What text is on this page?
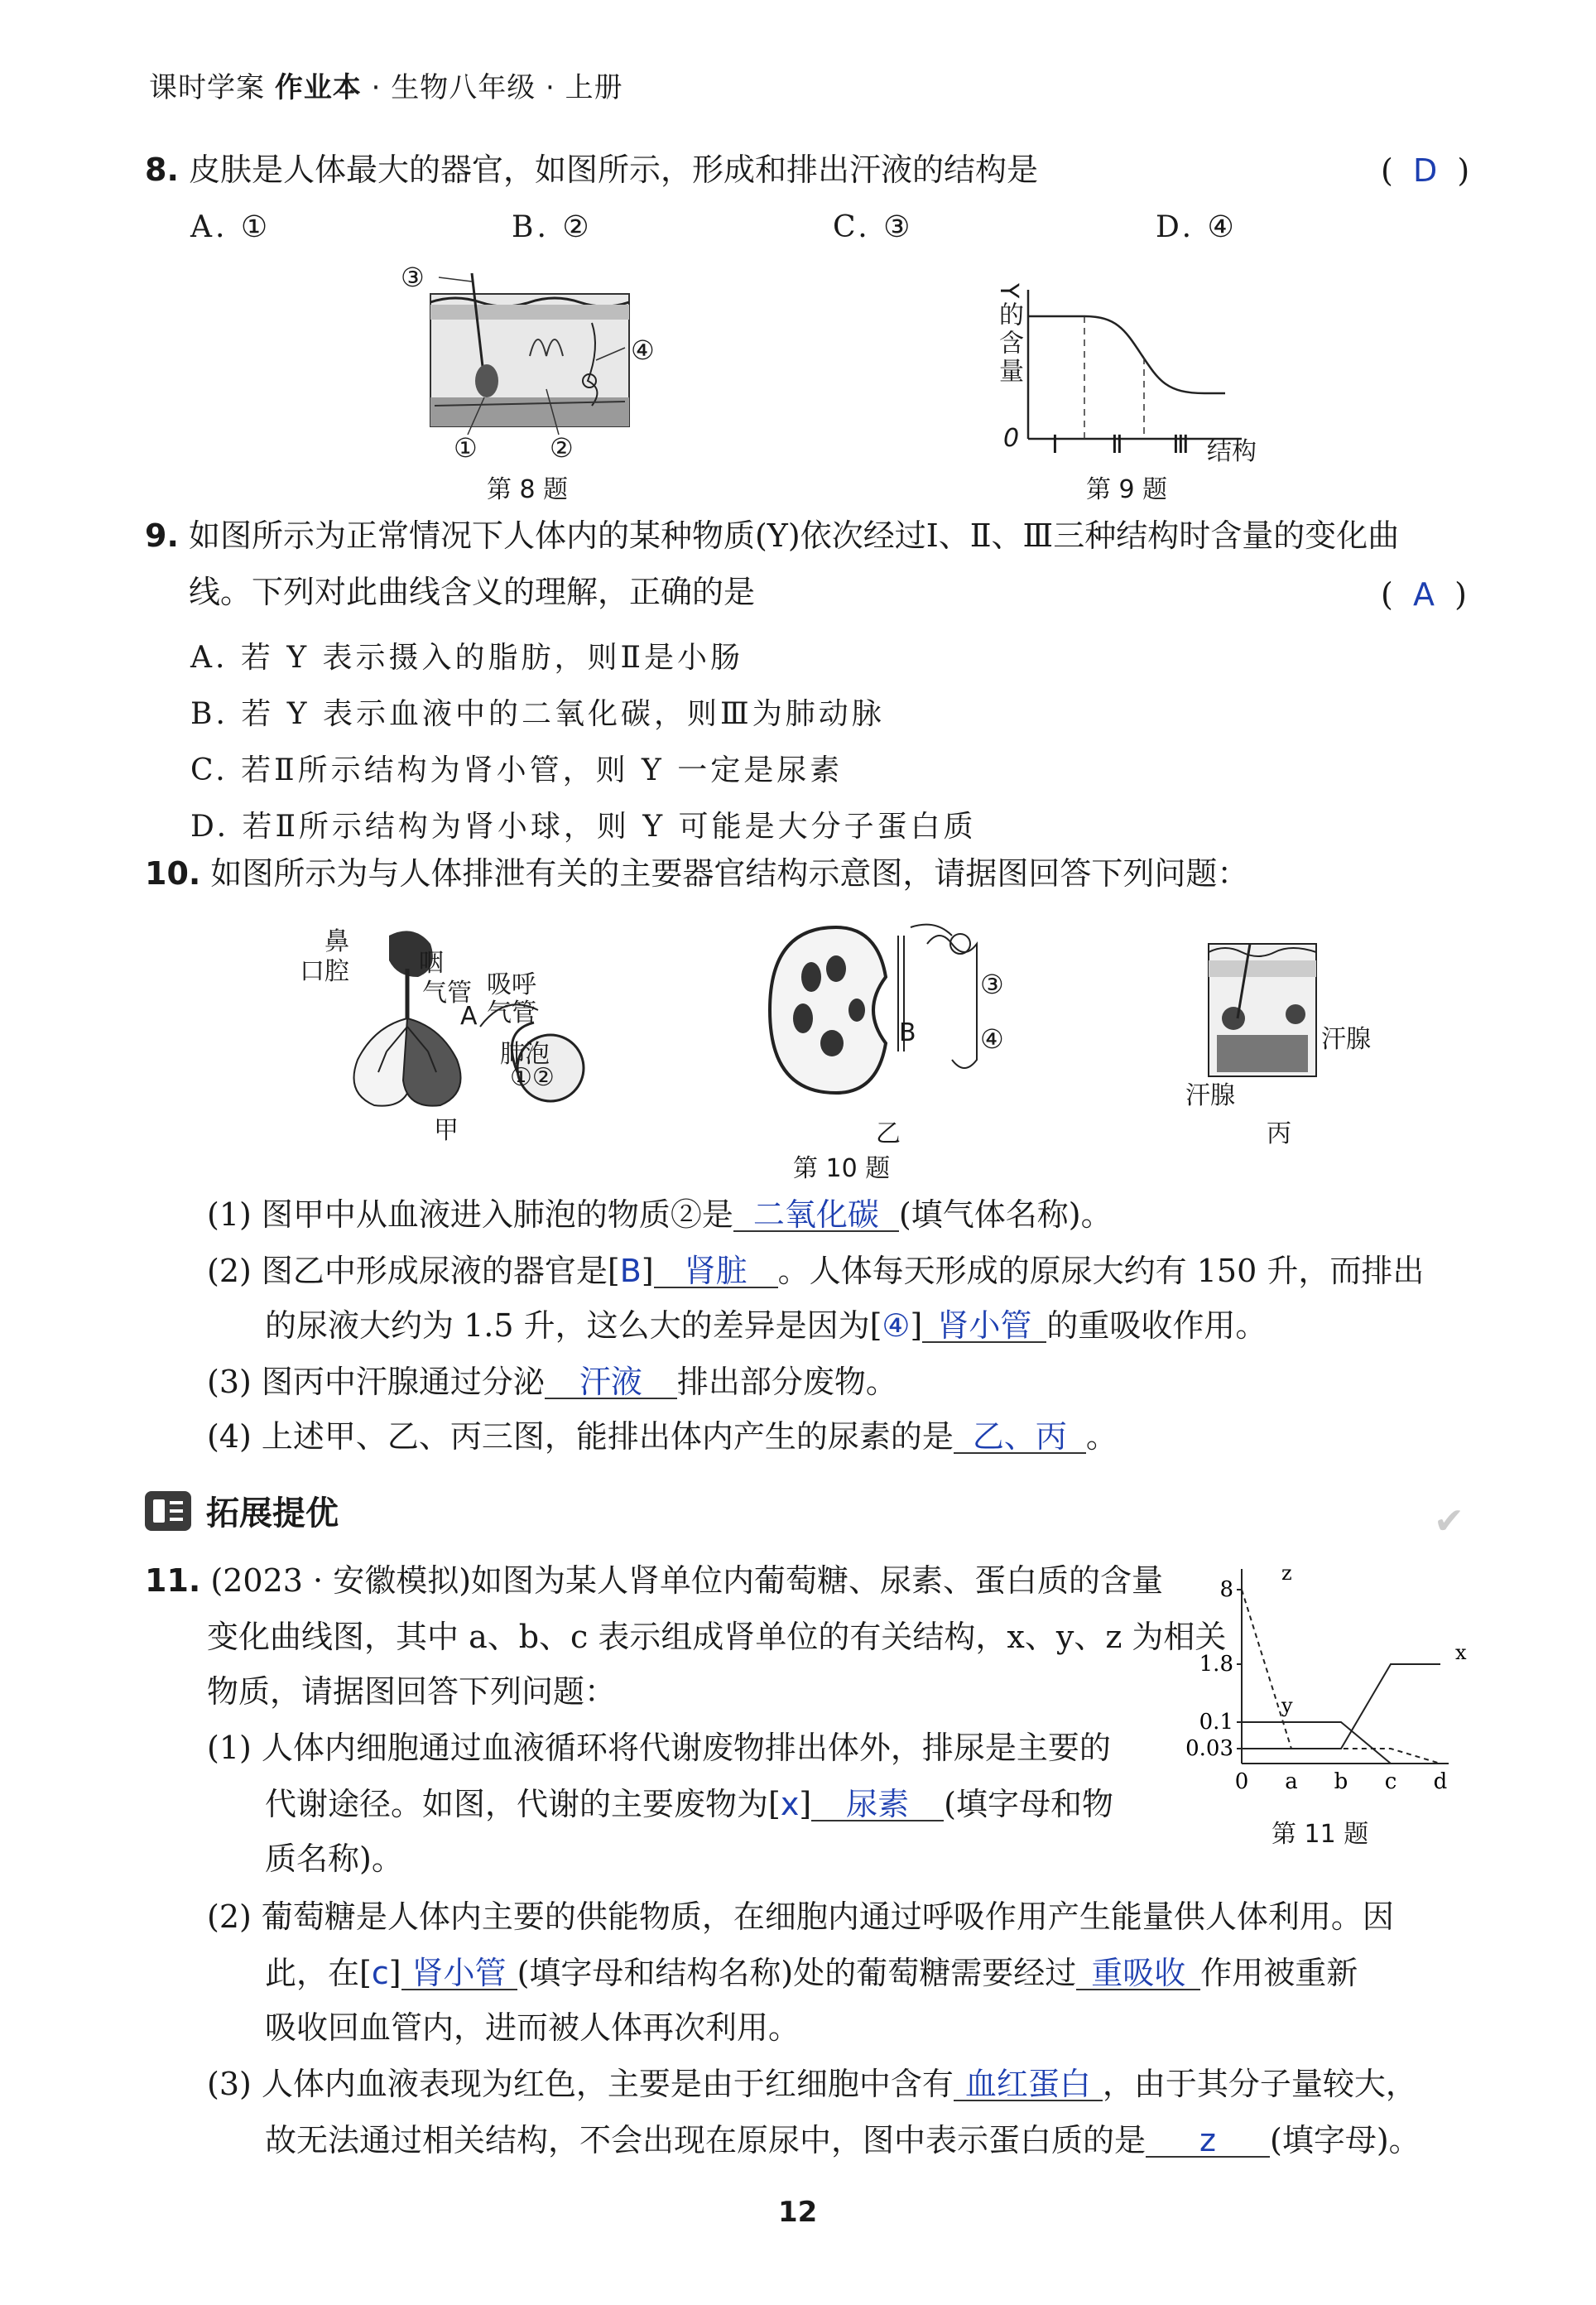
课时学案 作业本 · 生物八年级 · 上册
8. 皮肤是人体最大的器官，如图所示，形成和排出汗液的结构是	(  D  )
A. ①	B. ②	C. ③	D. ④
③
④
①	②
第 8 题
Y的含量
0 Ⅰ Ⅱ Ⅲ 结构
第 9 题
9. 如图所示为正常情况下人体内的某种物质(Y)依次经过Ⅰ、Ⅱ、Ⅲ三种结构时含量的变化曲
线。下列对此曲线含义的理解，正确的是	(  A  )
A. 若 Y 表示摄入的脂肪，则Ⅱ是小肠
B. 若 Y 表示血液中的二氧化碳，则Ⅲ为肺动脉
C. 若Ⅱ所示结构为肾小管，则 Y 一定是尿素
D. 若Ⅱ所示结构为肾小球，则 Y 可能是大分子蛋白质
10. 如图所示为与人体排泄有关的主要器官结构示意图，请据图回答下列问题：
鼻
口腔	咽
气管 吸呼
A 气管
肺泡
①②
甲
③
B ④
乙
汗腺
汗腺
丙
第 10 题
(1) 图甲中从血液进入肺泡的物质②是 二氧化碳 (填气体名称)。
(2) 图乙中形成尿液的器官是[B] 肾脏 。人体每天形成的原尿大约有 150 升，而排出
的尿液大约为 1.5 升，这么大的差异是因为[④] 肾小管 的重吸收作用。
(3) 图丙中汗腺通过分泌 汗液 排出部分废物。
(4) 上述甲、乙、丙三图，能排出体内产生的尿素的是 乙、丙 。
拓展提优	✔
11. (2023 · 安徽模拟)如图为某人肾单位内葡萄糖、尿素、蛋白质的含量
变化曲线图，其中 a、b、c 表示组成肾单位的有关结构，x、y、z 为相关
物质，请据图回答下列问题：
(1) 人体内细胞通过血液循环将代谢废物排出体外，排尿是主要的
代谢途径。如图，代谢的主要废物为[x] 尿素 (填字母和物
质名称)。
8
1.8
0.1
0.03
0 a b c d
x
y
z
第 11 题
(2) 葡萄糖是人体内主要的供能物质，在细胞内通过呼吸作用产生能量供人体利用。因
此，在[c] 肾小管 (填字母和结构名称)处的葡萄糖需要经过 重吸收 作用被重新
吸收回血管内，进而被人体再次利用。
(3) 人体内血液表现为红色，主要是由于红细胞中含有 血红蛋白 ，由于其分子量较大，
故无法通过相关结构，不会出现在原尿中，图中表示蛋白质的是 z (填字母)。
12
